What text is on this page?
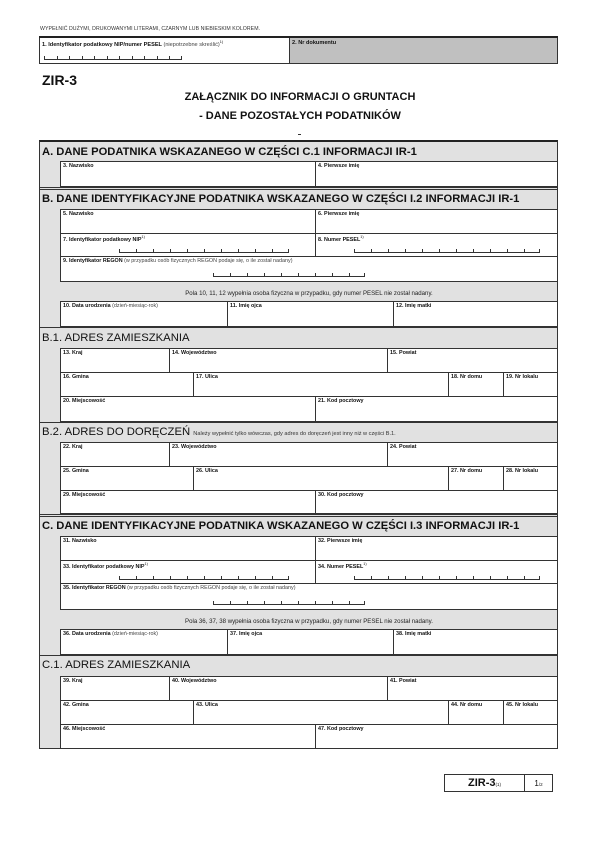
WYPEŁNIĆ DUŻYMI, DRUKOWANYMI LITERAMI, CZARNYM LUB NIEBIESKIM KOLOREM.
1. Identyfikator podatkowy NIP/numer PESEL (niepotrzebne skreślić)$^{1)}$	2. Nr dokumentu
ZIR-3
ZAŁĄCZNIK DO INFORMACJI O GRUNTACH
- DANE POZOSTAŁYCH PODATNIKÓW
A. DANE PODATNIKA WSKAZANEGO W CZĘŚCI C.1 INFORMACJI IR-1
3. Nazwisko	4. Pierwsze imię
B. DANE IDENTYFIKACYJNE PODATNIKA WSKAZANEGO W CZĘŚCI I.2 INFORMACJI IR-1
5. Nazwisko	6. Pierwsze imię
7. Identyfikator podatkowy NIP$^{1)}$	8. Numer PESEL$^{1)}$
9. Identyfikator REGON (w przypadku osób fizycznych REGON podaje się, o ile został nadany)
Pola 10, 11, 12 wypełnia osoba fizyczna w przypadku, gdy numer PESEL nie został nadany.
10. Data urodzenia (dzień-miesiąc-rok)	11. Imię ojca	12. Imię matki
B.1. ADRES ZAMIESZKANIA
13. Kraj	14. Województwo	15. Powiat
16. Gmina	17. Ulica	18. Nr domu	19. Nr lokalu
20. Miejscowość	21. Kod pocztowy
B.2. ADRES DO DORĘCZEŃ Należy wypełnić tylko wówczas, gdy adres do doręczeń jest inny niż w części B.1.
22. Kraj	23. Województwo	24. Powiat
25. Gmina	26. Ulica	27. Nr domu	28. Nr lokalu
29. Miejscowość	30. Kod pocztowy
C. DANE IDENTYFIKACYJNE PODATNIKA WSKAZANEGO W CZĘŚCI I.3 INFORMACJI IR-1
31. Nazwisko	32. Pierwsze imię
33. Identyfikator podatkowy NIP$^{1)}$	34. Numer PESEL$^{1)}$
35. Identyfikator REGON (w przypadku osób fizycznych REGON podaje się, o ile został nadany)
Pola 36, 37, 38 wypełnia osoba fizyczna w przypadku, gdy numer PESEL nie został nadany.
36. Data urodzenia (dzień-miesiąc-rok)	37. Imię ojca	38. Imię matki
C.1. ADRES ZAMIESZKANIA
39. Kraj	40. Województwo	41. Powiat
42. Gmina	43. Ulica	44. Nr domu	45. Nr lokalu
46. Miejscowość	47. Kod pocztowy
ZIR-3(1)	1/2
